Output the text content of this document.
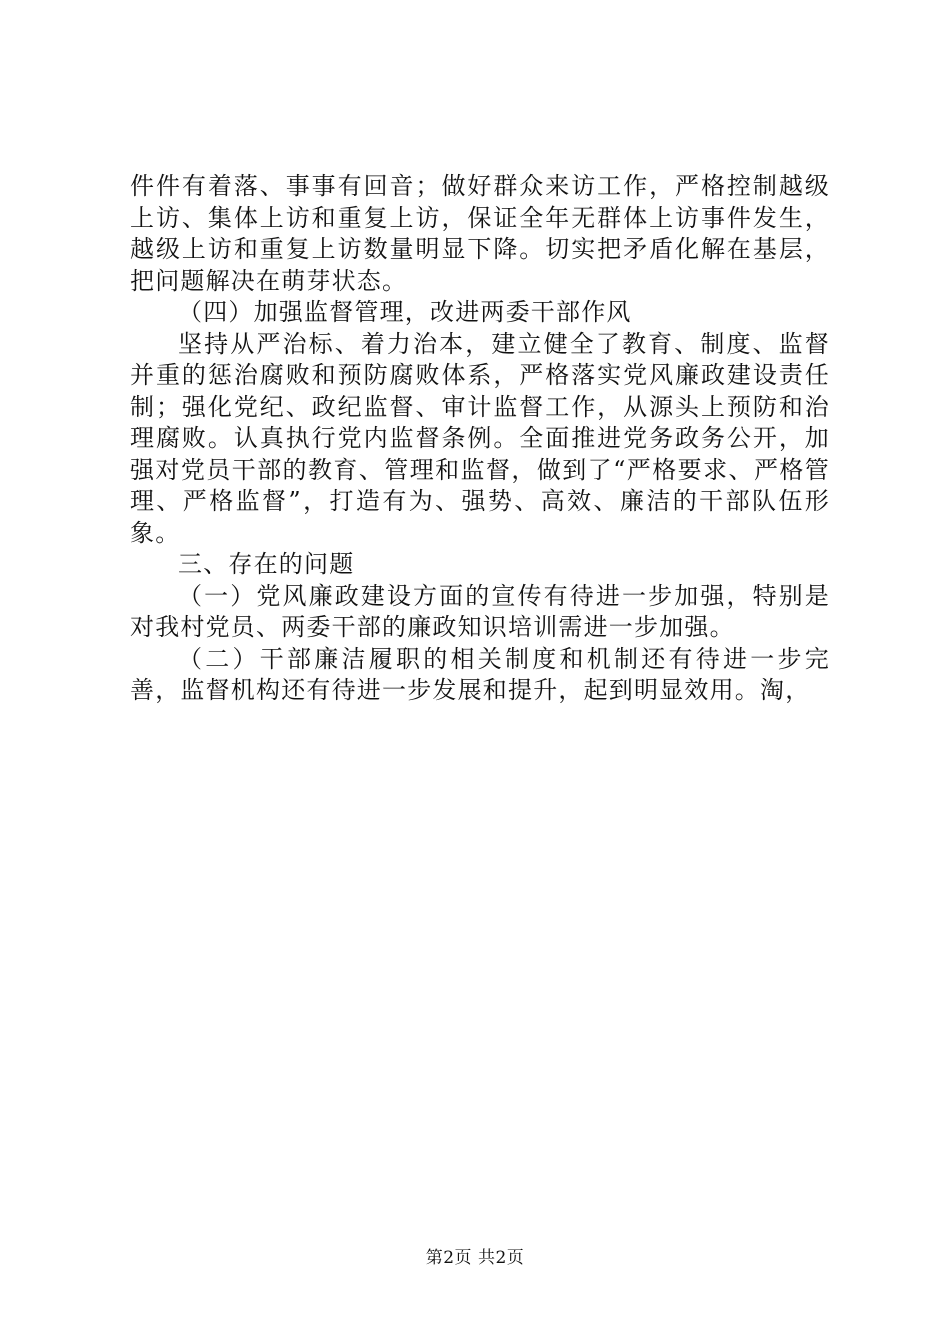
件件有着落、事事有回音；做好群众来访工作，严格控制越级上访、集体上访和重复上访，保证全年无群体上访事件发生，越级上访和重复上访数量明显下降。切实把矛盾化解在基层，把问题解决在萌芽状态。

（四）加强监督管理，改进两委干部作风

坚持从严治标、着力治本，建立健全了教育、制度、监督并重的惩治腐败和预防腐败体系，严格落实党风廉政建设责任制；强化党纪、政纪监督、审计监督工作，从源头上预防和治理腐败。认真执行党内监督条例。全面推进党务政务公开，加强对党员干部的教育、管理和监督，做到了“严格要求、严格管理、严格监督”，打造有为、强势、高效、廉洁的干部队伍形象。

三、存在的问题

（一）党风廉政建设方面的宣传有待进一步加强，特别是对我村党员、两委干部的廉政知识培训需进一步加强。

（二）干部廉洁履职的相关制度和机制还有待进一步完善，监督机构还有待进一步发展和提升，起到明显效用。淘，

第2页 共2页
